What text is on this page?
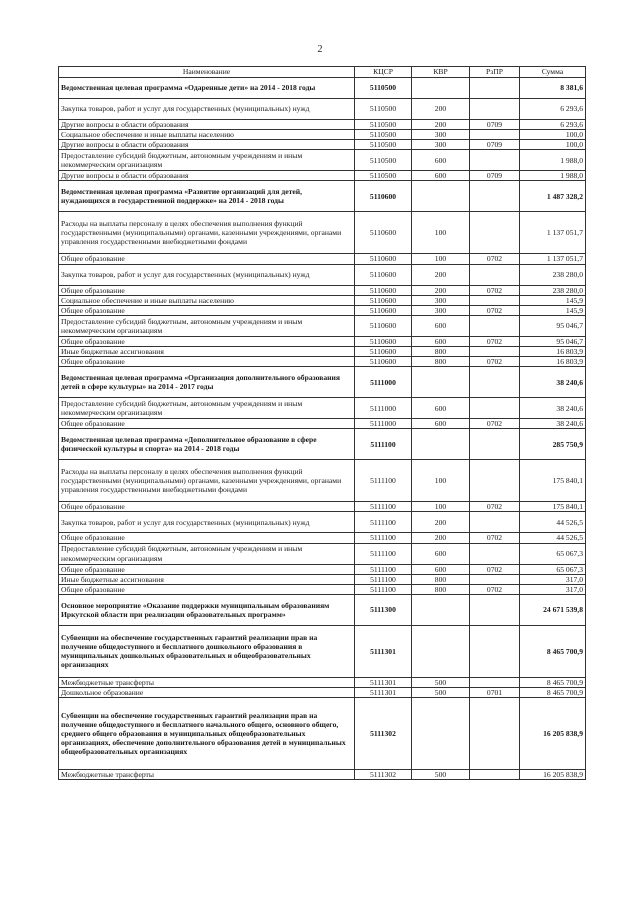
2
Наименование	КЦСР	КВР	РзПР	Сумма
Ведомственная целевая программа «Одаренные дети» на 2014 - 2018 годы	5110500			8 381,6
Закупка товаров, работ и услуг для государственных (муниципальных) нужд	5110500	200		6 293,6
Другие вопросы в области образования	5110500	200	0709	6 293,6
Социальное обеспечение и иные выплаты населению	5110500	300		100,0
Другие вопросы в области образования	5110500	300	0709	100,0
Предоставление субсидий бюджетным, автономным учреждениям и иным некоммерческим организациям	5110500	600		1 988,0
Другие вопросы в области образования	5110500	600	0709	1 988,0
Ведомственная целевая программа «Развитие организаций для детей, нуждающихся в государственной поддержке» на 2014 - 2018 годы	5110600			1 487 328,2
Расходы на выплаты персоналу в целях обеспечения выполнения функций государственными (муниципальными) органами, казенными учреждениями, органами управления государственными внебюджетными фондами	5110600	100		1 137 051,7
Общее образование	5110600	100	0702	1 137 051,7
Закупка товаров, работ и услуг для государственных (муниципальных) нужд	5110600	200		238 280,0
Общее образование	5110600	200	0702	238 280,0
Социальное обеспечение и иные выплаты населению	5110600	300		145,9
Общее образование	5110600	300	0702	145,9
Предоставление субсидий бюджетным, автономным учреждениям и иным некоммерческим организациям	5110600	600		95 046,7
Общее образование	5110600	600	0702	95 046,7
Иные бюджетные ассигнования	5110600	800		16 803,9
Общее образование	5110600	800	0702	16 803,9
Ведомственная целевая программа «Организация дополнительного образования детей в сфере культуры» на 2014 - 2017 годы	5111000			38 240,6
Предоставление субсидий бюджетным, автономным учреждениям и иным некоммерческим организациям	5111000	600		38 240,6
Общее образование	5111000	600	0702	38 240,6
Ведомственная целевая программа «Дополнительное образование в сфере физической культуры и спорта» на 2014 - 2018 годы	5111100			285 750,9
Расходы на выплаты персоналу в целях обеспечения выполнения функций государственными (муниципальными) органами, казенными учреждениями, органами управления государственными внебюджетными фондами	5111100	100		175 840,1
Общее образование	5111100	100	0702	175 840,1
Закупка товаров, работ и услуг для государственных (муниципальных) нужд	5111100	200		44 526,5
Общее образование	5111100	200	0702	44 526,5
Предоставление субсидий бюджетным, автономным учреждениям и иным некоммерческим организациям	5111100	600		65 067,3
Общее образование	5111100	600	0702	65 067,3
Иные бюджетные ассигнования	5111100	800		317,0
Общее образование	5111100	800	0702	317,0
Основное мероприятие «Оказание поддержки муниципальным образованиям Иркутской области при реализации образовательных программ»	5111300			24 671 539,8
Субвенции на обеспечение государственных гарантий реализации прав на получение общедоступного и бесплатного дошкольного образования в муниципальных дошкольных образовательных и общеобразовательных организациях	5111301			8 465 700,9
Межбюджетные трансферты	5111301	500		8 465 700,9
Дошкольное образование	5111301	500	0701	8 465 700,9
Субвенции на обеспечение государственных гарантий реализации прав на получение общедоступного и бесплатного начального общего, основного общего, среднего общего образования в муниципальных общеобразовательных организациях, обеспечение дополнительного образования детей в муниципальных общеобразовательных организациях	5111302			16 205 838,9
Межбюджетные трансферты	5111302	500		16 205 838,9
